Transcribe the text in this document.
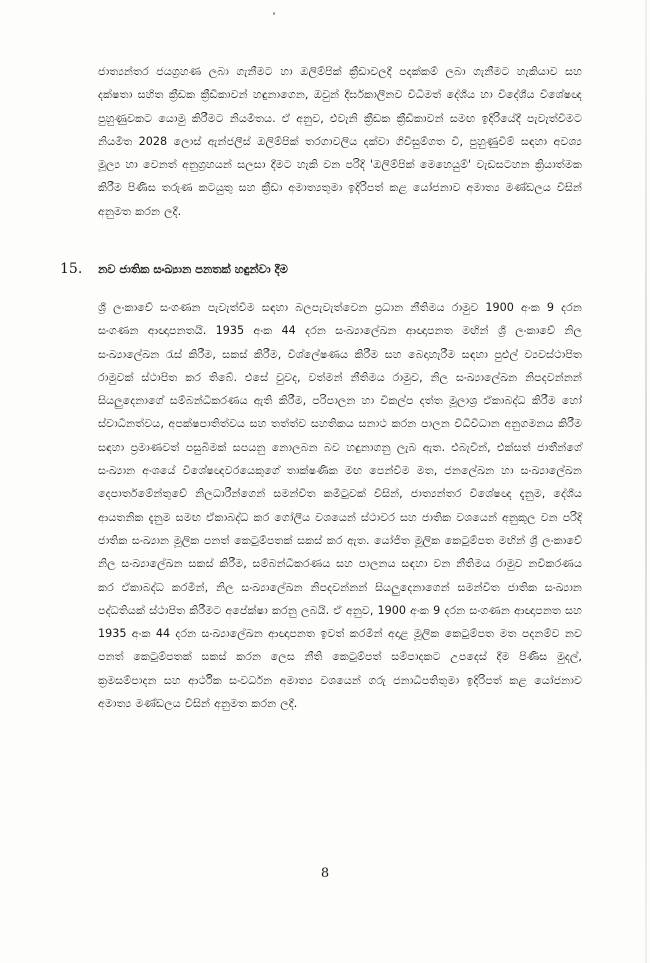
ජාත්‍යන්තර ජයග්‍රහණ ලබා ගැනීමට හා ඔලිම්පික් ක්‍රීඩාවලදී පදක්කම් ලබා ගැනීමට හැකියාව සහ දක්ෂතා සහිත ක්‍රීඩක ක්‍රීඩිකාවන් හඳුනාගෙන, ඔවුන් දීර්ඝකාලීනව විධිමත් දේශීය හා විදේශීය විශේෂඥ පුහුණුවකට යොමු කිරීමට නියමිතය. ඒ අනුව, එවැනි ක්‍රීඩක ක්‍රීඩිකාවන් සමඟ ඉදිරියේදී පැවැත්වීමට නියමිත 2028 ලොස් ඇන්ජලීස් ඔලිම්පික් තරගාවලිය දක්වා ගිවිසුම්ගත වී, පුහුණුවීම් සඳහා අවශ්‍ය මූල්‍ය හා වෙනත් අනුග්‍රහයන් සලසා දීමට හැකි වන පරිදි 'ඔලිම්පික් මෙහෙයුම්' වැඩසටහන ක්‍රියාත්මක කිරීම පිණිස තරුණ කටයුතු සහ ක්‍රීඩා අමාත්‍යතුමා ඉදිරිපත් කළ යෝජනාව අමාත්‍ය මණ්ඩලය විසින් අනුමත කරන ලදී.

15. නව ජාතික සංඛ්‍යාන පනතක් හඳුන්වා දීම

ශ්‍රී ලංකාවේ සංගණන පැවැත්වීම සඳහා බලපැවැත්වෙන ප්‍රධාන නීතිමය රාමුව 1900 අංක 9 දරන සංගණන ආඥාපනතයි. 1935 අංක 44 දරන සංඛ්‍යාලේඛන ආඥාපනත මඟින් ශ්‍රී ලංකාවේ නිල සංඛ්‍යාලේඛන රැස් කිරීම, සකස් කිරීම, විශ්ලේෂණය කිරීම සහ බෙදාහැරීම සඳහා පුළුල් ව්‍යවස්ථාපිත රාමුවක් ස්ථාපිත කර තිබේ. එසේ වුවද, වත්මන් නීතිමය රාමුව, නිල සංඛ්‍යාලේඛන නිපදවන්නන් සියලුදෙනාගේ සම්බන්ධීකරණය ඇති කිරීම, පරිපාලන හා විකල්ප දත්ත මූලාශ්‍ර ඒකාබද්ධ කිරීම හෝ ස්වාධීනත්වය, අපක්ෂපාතිත්වය සහ තත්ත්ව සහතිකය සනාථ කරන පාලන විධිවිධාන අනුගමනය කිරීම සඳහා ප්‍රමාණවත් පසුබිමක් සපයනු නොලබන බව හඳුනාගනු ලැබ ඇත. එබැවින්, එක්සත් ජාතීන්ගේ සංඛ්‍යාන අංශයේ විශේෂඥවරයෙකුගේ තාක්ෂණික මඟ පෙන්වීම මත, ජනලේඛන හා සංඛ්‍යාලේඛන දෙපාර්තමේන්තුවේ නිලධාරීන්ගෙන් සමන්විත කමිටුවක් විසින්, ජාත්‍යන්තර විශේෂඥ දැනුම, දේශීය ආයතනික දැනුම සමඟ ඒකාබද්ධ කර ගෝලීය වශයෙන් ස්ථාවර සහ ජාතික වශයෙන් අනුකූල වන පරිදි ජාතික සංඛ්‍යාන මූලික පනත් කෙටුම්පතක් සකස් කර ඇත. යෝජිත මූලික කෙටුම්පත මඟින් ශ්‍රී ලංකාවේ නිල සංඛ්‍යාලේඛන සකස් කිරීම, සම්බන්ධීකරණය සහ පාලනය සඳහා වන නීතිමය රාමුව නවීකරණය කර ඒකාබද්ධ කරමින්, නිල සංඛ්‍යාලේඛන නිපදවන්නන් සියලුදෙනාගෙන් සමන්විත ජාතික සංඛ්‍යාන පද්ධතියක් ස්ථාපිත කිරීමට අපේක්ෂා කරනු ලබයි. ඒ අනුව, 1900 අංක 9 දරන සංගණන ආඥාපනත සහ 1935 අංක 44 දරන සංඛ්‍යාලේඛන ආඥාපනත ඉවත් කරමින් අදාළ මූලික කෙටුම්පත මත පදනම්ව නව පනත් කෙටුම්පතක් සකස් කරන ලෙස නීති කෙටුම්පත් සම්පාදකට උපදෙස් දීම පිණිස මුදල්, ක්‍රමසම්පාදන සහ ආර්ථික සංවර්ධන අමාත්‍ය වශයෙන් ගරු ජනාධිපතිතුමා ඉදිරිපත් කළ යෝජනාව අමාත්‍ය මණ්ඩලය විසින් අනුමත කරන ලදී.

8
